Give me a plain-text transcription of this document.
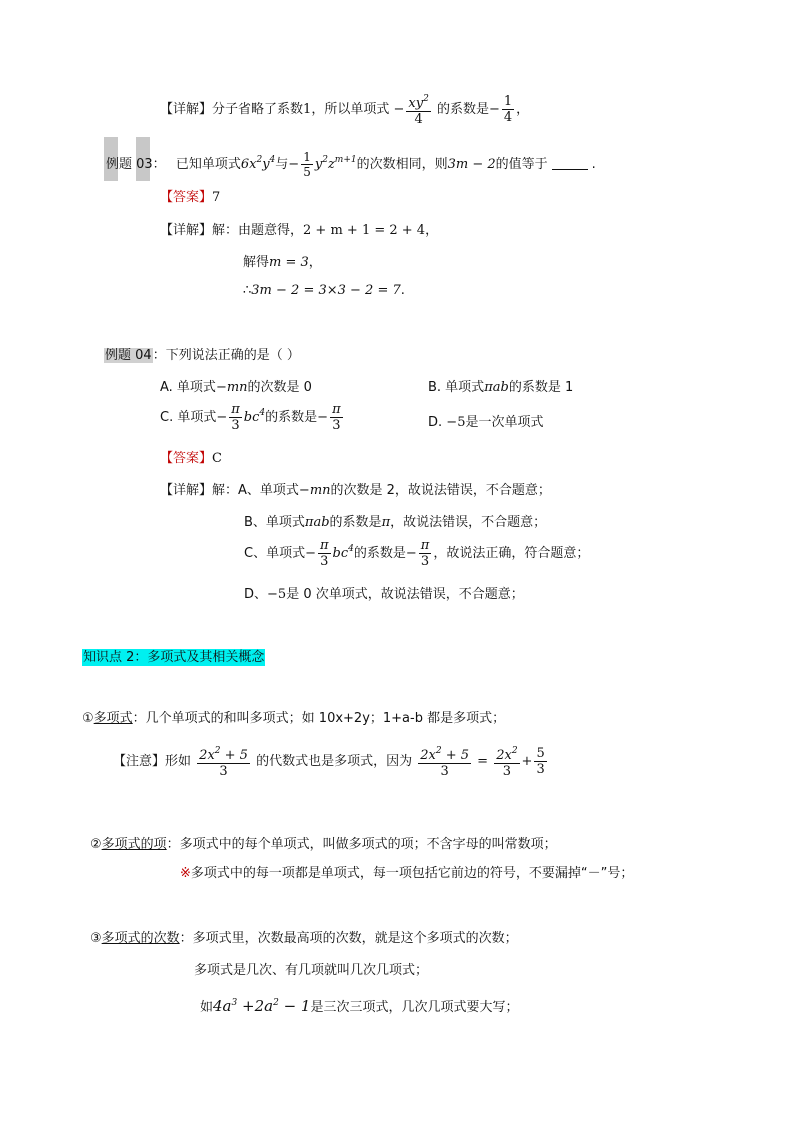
【详解】分子省略了系数1，所以单项式 − $\frac{xy^2}{4}$ 的系数是− $\frac{1}{4}$ ，
例题 03： 已知单项式$6x^2y^4$与− $\frac{1}{5} y^2z^{m+1}$的次数相同，则3m − 2的值等于	.
【答案】7
【详解】解：由题意得，2 + m + 1 = 2 + 4，
解得m = 3，
∴3m − 2 = 3×3 − 2 = 7.
例题 04：下列说法正确的是（ ）
A. 单项式−mn的次数是 0	B. 单项式πab的系数是 1
C. 单项式− $\frac{\pi}{3} bc^4$的系数是− $\frac{\pi}{3}$	D. −5是一次单项式
【答案】C
【详解】解：A、单项式−mn的次数是 2，故说法错误，不合题意；
B、单项式πab的系数是π，故说法错误，不合题意；
C、单项式− $\frac{\pi}{3} bc^4$的系数是− $\frac{\pi}{3}$ ，故说法正确，符合题意；
D、−5是 0 次单项式，故说法错误，不合题意；
知识点 2：多项式及其相关概念
①多项式：几个单项式的和叫多项式；如 10x+2y；1+a-b 都是多项式；
【注意】形如 $\frac{2x^2 + 5}{3}$ 的代数式也是多项式，因为 $\frac{2x^2 + 5}{3} = \frac{2x^2}{3} + \frac{5}{3}$
②多项式的项：多项式中的每个单项式，叫做多项式的项；不含字母的叫常数项；
※多项式中的每一项都是单项式，每一项包括它前边的符号，不要漏掉“－”号；
③多项式的次数：多项式里，次数最高项的次数，就是这个多项式的次数；
多项式是几次、有几项就叫几次几项式；
如$4a^3 +2a^2 - 1$是三次三项式，几次几项式要大写；
